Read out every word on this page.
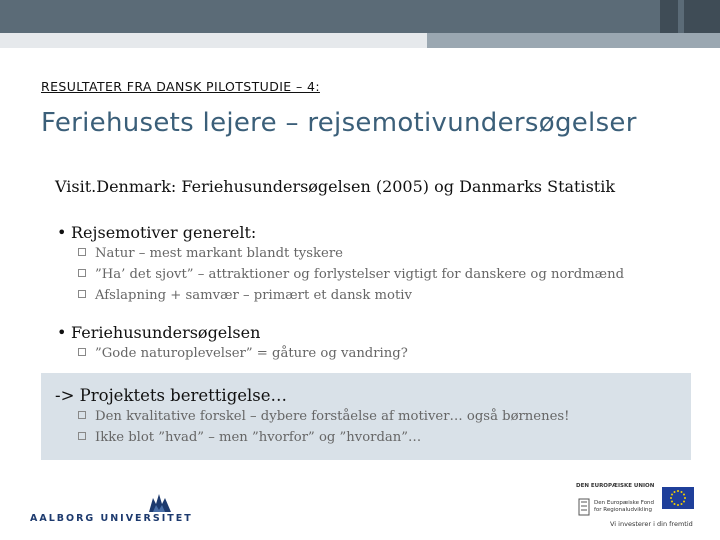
RESULTATER FRA DANSK PILOTSTUDIE – 4:
Feriehusets lejere – rejsemotivundersøgelser
Visit.Denmark: Feriehusundersøgelsen (2005) og Danmarks Statistik
• Rejsemotiver generelt:
Natur – mest markant blandt tyskere
”Ha’ det sjovt” – attraktioner og forlystelser vigtigt for danskere og nordmænd
Afslapning + samvær – primært et dansk motiv
• Feriehusundersøgelsen
”Gode naturoplevelser” = gåture og vandring?
-> Projektets berettigelse…
Den kvalitative forskel – dybere forståelse af motiver… også børnenes!
Ikke blot ”hvad” – men ”hvorfor” og ”hvordan”…
AALBORG UNIVERSITET
DEN EUROPÆISKE UNION
Den Europæiske Fond
for Regionaludvikling
Vi investerer i din fremtid
